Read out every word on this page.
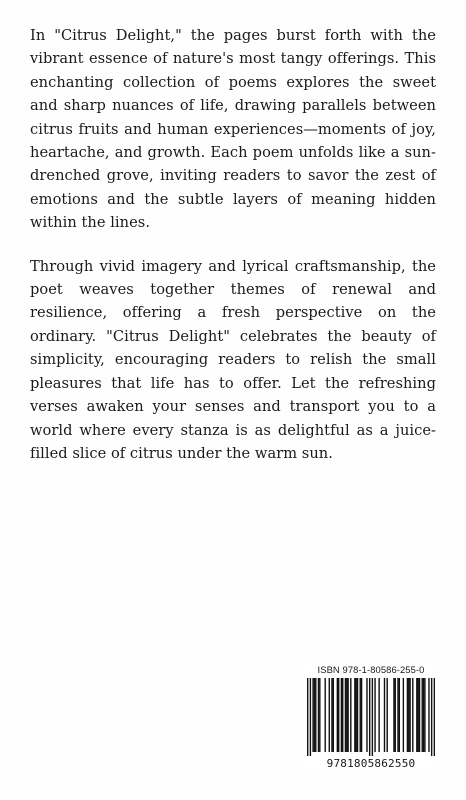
In "Citrus Delight," the pages burst forth with the vibrant essence of nature's most tangy offerings. This enchanting collection of poems explores the sweet and sharp nuances of life, drawing parallels between citrus fruits and human experiences—moments of joy, heartache, and growth. Each poem unfolds like a sun-drenched grove, inviting readers to savor the zest of emotions and the subtle layers of meaning hidden within the lines.

Through vivid imagery and lyrical craftsmanship, the poet weaves together themes of renewal and resilience, offering a fresh perspective on the ordinary. "Citrus Delight" celebrates the beauty of simplicity, encouraging readers to relish the small pleasures that life has to offer. Let the refreshing verses awaken your senses and transport you to a world where every stanza is as delightful as a juice-filled slice of citrus under the warm sun.

ISBN 978-1-80586-255-0
9781805862550
